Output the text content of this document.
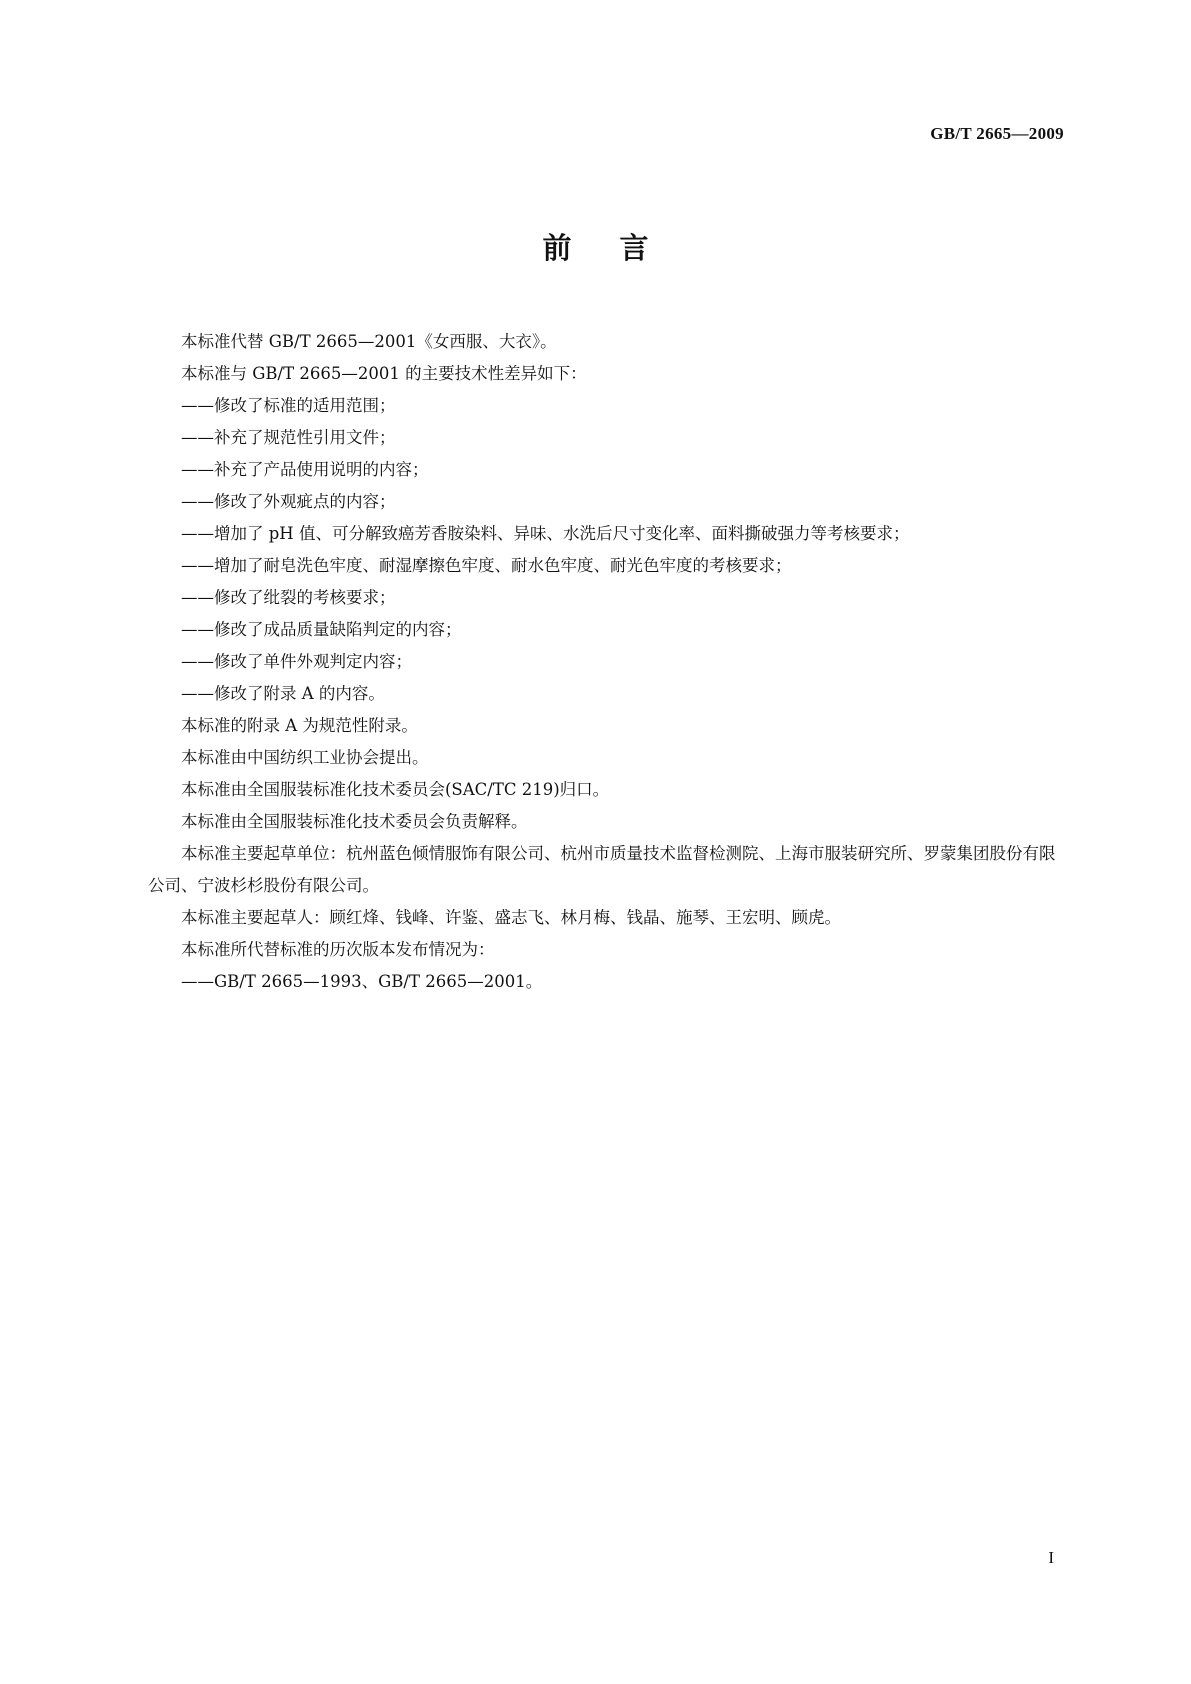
GB/T 2665—2009

前言

本标准代替 GB/T 2665—2001《女西服、大衣》。

本标准与 GB/T 2665—2001 的主要技术性差异如下：

——修改了标准的适用范围；

——补充了规范性引用文件；

——补充了产品使用说明的内容；

——修改了外观疵点的内容；

——增加了 pH 值、可分解致癌芳香胺染料、异味、水洗后尺寸变化率、面料撕破强力等考核要求；

——增加了耐皂洗色牢度、耐湿摩擦色牢度、耐水色牢度、耐光色牢度的考核要求；

——修改了纰裂的考核要求；

——修改了成品质量缺陷判定的内容；

——修改了单件外观判定内容；

——修改了附录 A 的内容。

本标准的附录 A 为规范性附录。

本标准由中国纺织工业协会提出。

本标准由全国服装标准化技术委员会(SAC/TC 219)归口。

本标准由全国服装标准化技术委员会负责解释。

本标准主要起草单位：杭州蓝色倾情服饰有限公司、杭州市质量技术监督检测院、上海市服装研究所、罗蒙集团股份有限公司、宁波杉杉股份有限公司。

本标准主要起草人：顾红烽、钱峰、许鉴、盛志飞、林月梅、钱晶、施琴、王宏明、顾虎。

本标准所代替标准的历次版本发布情况为：

——GB/T 2665—1993、GB/T 2665—2001。

I
